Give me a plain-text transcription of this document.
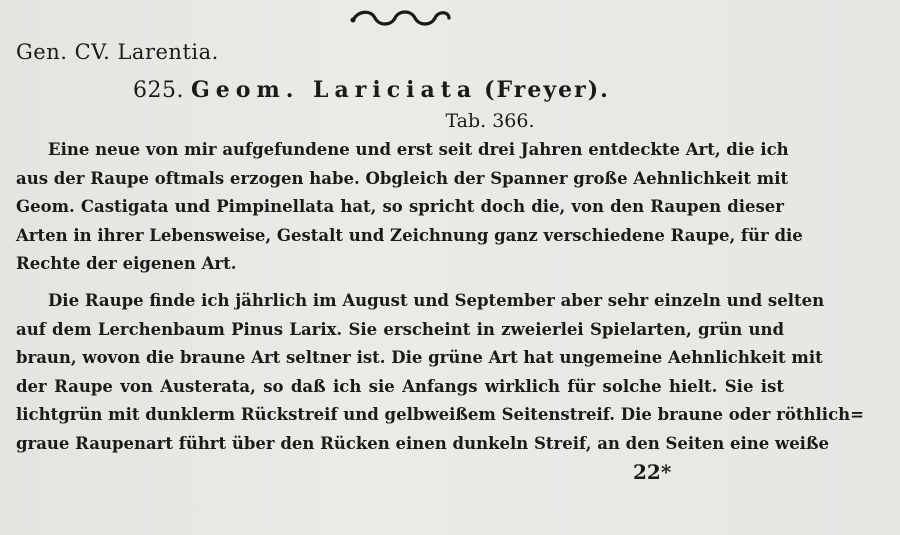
Gen. CV. Larentia.
625. Geom. Lariciata (Freyer).
Tab. 366.
Eine neue von mir aufgefundene und erst seit drei Jahren entdeckte Art, die ich
aus der Raupe oftmals erzogen habe. Obgleich der Spanner große Aehnlichkeit mit
Geom. Castigata und Pimpinellata hat, so spricht doch die, von den Raupen dieser
Arten in ihrer Lebensweise, Gestalt und Zeichnung ganz verschiedene Raupe, für die
Rechte der eigenen Art.
Die Raupe finde ich jährlich im August und September aber sehr einzeln und selten
auf dem Lerchenbaum Pinus Larix. Sie erscheint in zweierlei Spielarten, grün und
braun, wovon die braune Art seltner ist. Die grüne Art hat ungemeine Aehnlichkeit mit
der Raupe von Austerata, so daß ich sie Anfangs wirklich für solche hielt. Sie ist
lichtgrün mit dunklerm Rückstreif und gelbweißem Seitenstreif. Die braune oder röthlich=
graue Raupenart führt über den Rücken einen dunkeln Streif, an den Seiten eine weiße
22*
